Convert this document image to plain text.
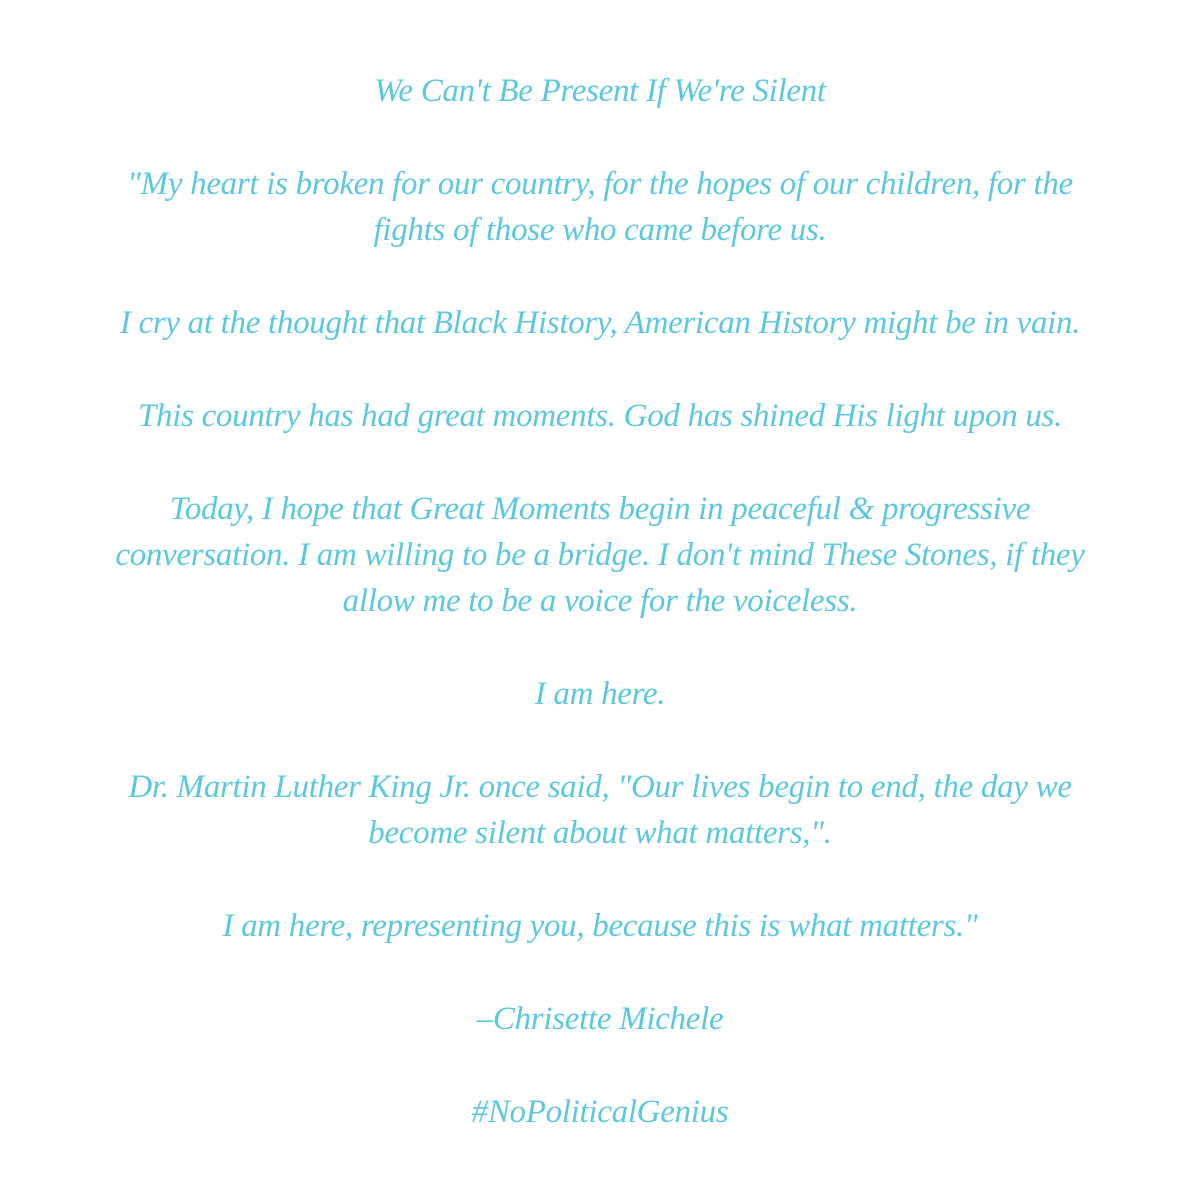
We Can't Be Present If We're Silent
"My heart is broken for our country, for the hopes of our children, for the
fights of those who came before us.
I cry at the thought that Black History, American History might be in vain.
This country has had great moments. God has shined His light upon us.
Today, I hope that Great Moments begin in peaceful & progressive
conversation. I am willing to be a bridge. I don't mind These Stones, if they
allow me to be a voice for the voiceless.
I am here.
Dr. Martin Luther King Jr. once said, "Our lives begin to end, the day we
become silent about what matters,".
I am here, representing you, because this is what matters."
–Chrisette Michele
#NoPoliticalGenius
